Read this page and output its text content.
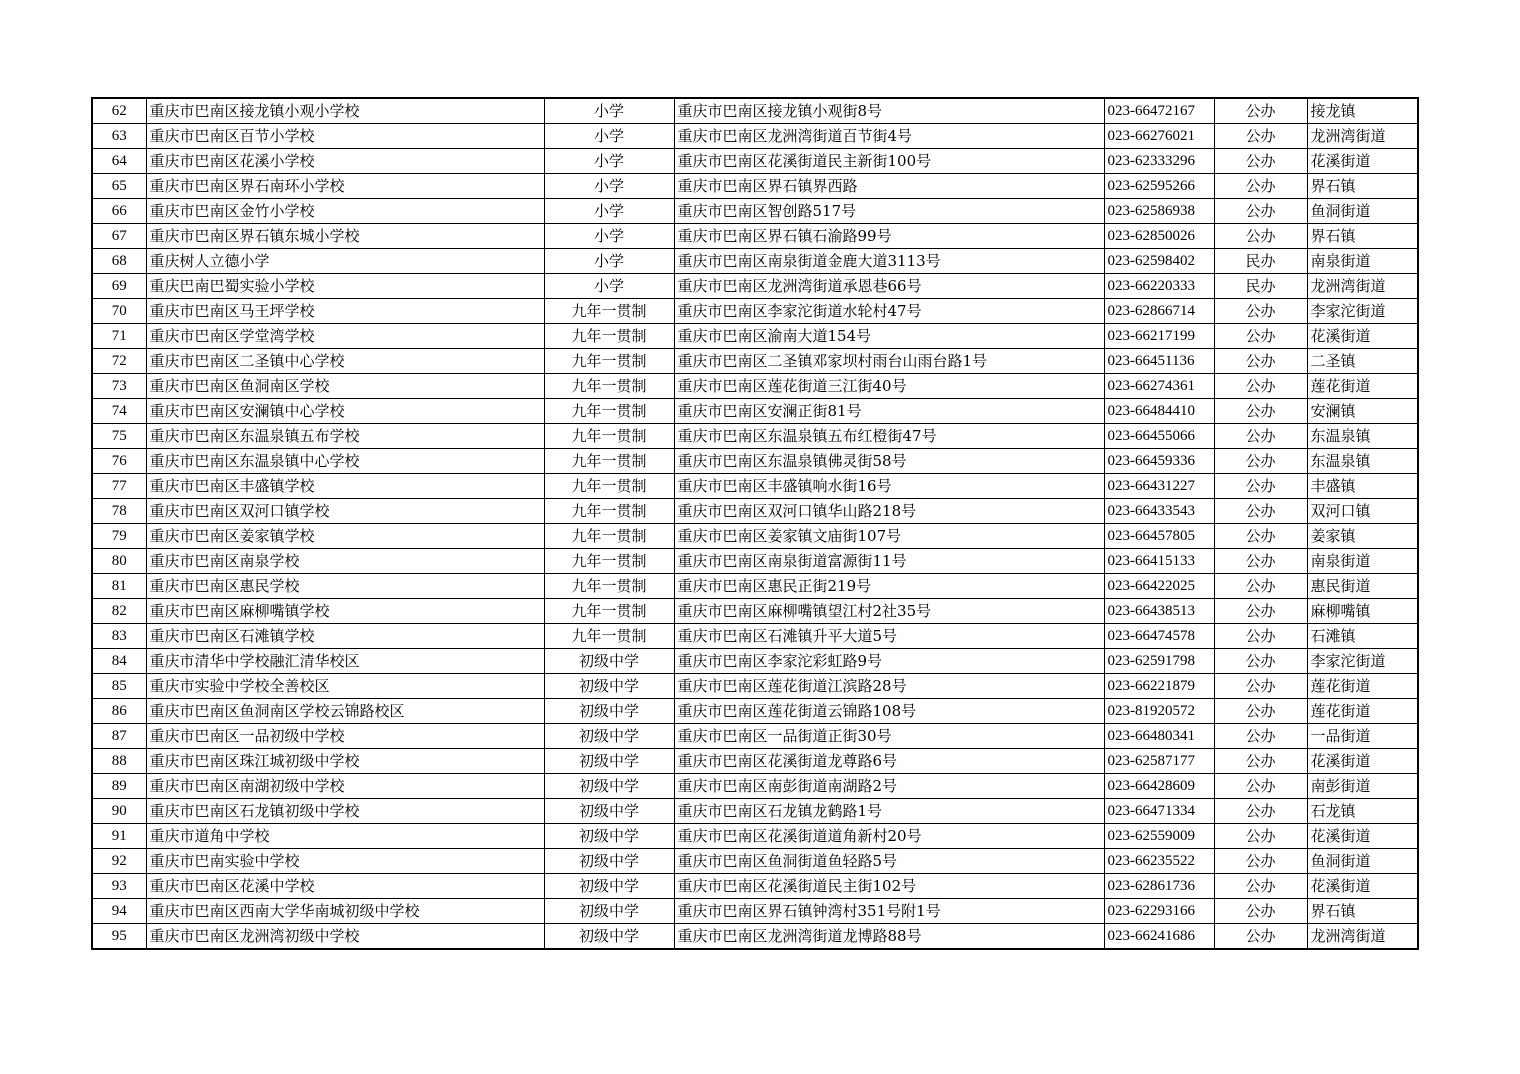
62	重庆市巴南区接龙镇小观小学校	小学	重庆市巴南区接龙镇小观街8号	023-66472167	公办	接龙镇
63	重庆市巴南区百节小学校	小学	重庆市巴南区龙洲湾街道百节街4号	023-66276021	公办	龙洲湾街道
64	重庆市巴南区花溪小学校	小学	重庆市巴南区花溪街道民主新街100号	023-62333296	公办	花溪街道
65	重庆市巴南区界石南环小学校	小学	重庆市巴南区界石镇界西路	023-62595266	公办	界石镇
66	重庆市巴南区金竹小学校	小学	重庆市巴南区智创路517号	023-62586938	公办	鱼洞街道
67	重庆市巴南区界石镇东城小学校	小学	重庆市巴南区界石镇石渝路99号	023-62850026	公办	界石镇
68	重庆树人立德小学	小学	重庆市巴南区南泉街道金鹿大道3113号	023-62598402	民办	南泉街道
69	重庆巴南巴蜀实验小学校	小学	重庆市巴南区龙洲湾街道承恩巷66号	023-66220333	民办	龙洲湾街道
70	重庆市巴南区马王坪学校	九年一贯制	重庆市巴南区李家沱街道水轮村47号	023-62866714	公办	李家沱街道
71	重庆市巴南区学堂湾学校	九年一贯制	重庆市巴南区渝南大道154号	023-66217199	公办	花溪街道
72	重庆市巴南区二圣镇中心学校	九年一贯制	重庆市巴南区二圣镇邓家坝村雨台山雨台路1号	023-66451136	公办	二圣镇
73	重庆市巴南区鱼洞南区学校	九年一贯制	重庆市巴南区莲花街道三江街40号	023-66274361	公办	莲花街道
74	重庆市巴南区安澜镇中心学校	九年一贯制	重庆市巴南区安澜正街81号	023-66484410	公办	安澜镇
75	重庆市巴南区东温泉镇五布学校	九年一贯制	重庆市巴南区东温泉镇五布红橙街47号	023-66455066	公办	东温泉镇
76	重庆市巴南区东温泉镇中心学校	九年一贯制	重庆市巴南区东温泉镇佛灵街58号	023-66459336	公办	东温泉镇
77	重庆市巴南区丰盛镇学校	九年一贯制	重庆市巴南区丰盛镇响水街16号	023-66431227	公办	丰盛镇
78	重庆市巴南区双河口镇学校	九年一贯制	重庆市巴南区双河口镇华山路218号	023-66433543	公办	双河口镇
79	重庆市巴南区姜家镇学校	九年一贯制	重庆市巴南区姜家镇文庙街107号	023-66457805	公办	姜家镇
80	重庆市巴南区南泉学校	九年一贯制	重庆市巴南区南泉街道富源街11号	023-66415133	公办	南泉街道
81	重庆市巴南区惠民学校	九年一贯制	重庆市巴南区惠民正街219号	023-66422025	公办	惠民街道
82	重庆市巴南区麻柳嘴镇学校	九年一贯制	重庆市巴南区麻柳嘴镇望江村2社35号	023-66438513	公办	麻柳嘴镇
83	重庆市巴南区石滩镇学校	九年一贯制	重庆市巴南区石滩镇升平大道5号	023-66474578	公办	石滩镇
84	重庆市清华中学校融汇清华校区	初级中学	重庆市巴南区李家沱彩虹路9号	023-62591798	公办	李家沱街道
85	重庆市实验中学校全善校区	初级中学	重庆市巴南区莲花街道江滨路28号	023-66221879	公办	莲花街道
86	重庆市巴南区鱼洞南区学校云锦路校区	初级中学	重庆市巴南区莲花街道云锦路108号	023-81920572	公办	莲花街道
87	重庆市巴南区一品初级中学校	初级中学	重庆市巴南区一品街道正街30号	023-66480341	公办	一品街道
88	重庆市巴南区珠江城初级中学校	初级中学	重庆市巴南区花溪街道龙尊路6号	023-62587177	公办	花溪街道
89	重庆市巴南区南湖初级中学校	初级中学	重庆市巴南区南彭街道南湖路2号	023-66428609	公办	南彭街道
90	重庆市巴南区石龙镇初级中学校	初级中学	重庆市巴南区石龙镇龙鹤路1号	023-66471334	公办	石龙镇
91	重庆市道角中学校	初级中学	重庆市巴南区花溪街道道角新村20号	023-62559009	公办	花溪街道
92	重庆市巴南实验中学校	初级中学	重庆市巴南区鱼洞街道鱼轻路5号	023-66235522	公办	鱼洞街道
93	重庆市巴南区花溪中学校	初级中学	重庆市巴南区花溪街道民主街102号	023-62861736	公办	花溪街道
94	重庆市巴南区西南大学华南城初级中学校	初级中学	重庆市巴南区界石镇钟湾村351号附1号	023-62293166	公办	界石镇
95	重庆市巴南区龙洲湾初级中学校	初级中学	重庆市巴南区龙洲湾街道龙博路88号	023-66241686	公办	龙洲湾街道
